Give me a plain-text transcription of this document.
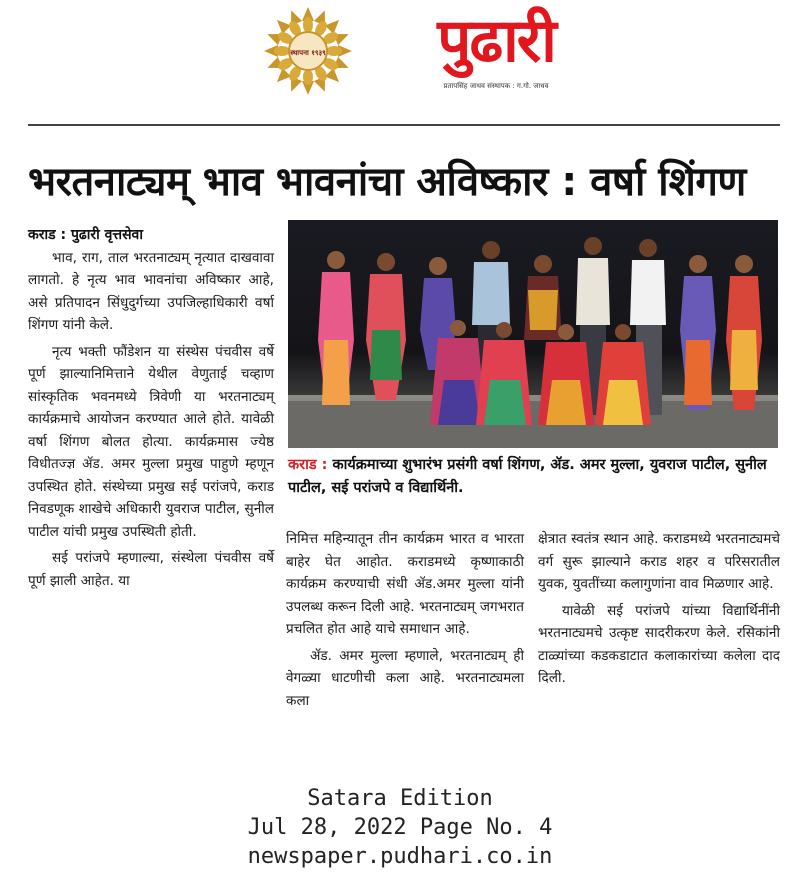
स्थापना १९३९	पुढारी
प्रतापसिंह जाधव संस्थापक : ग.गो. जाधव
भरतनाट्यम् भाव भावनांचा अविष्कार : वर्षा शिंगण
कराड : पुढारी वृत्तसेवा

भाव, राग, ताल भरतनाट्यम् नृत्यात दाखवावा लागतो. हे नृत्य भाव भावनांचा अविष्कार आहे, असे प्रतिपादन सिंधुदुर्गच्या उपजिल्हाधिकारी वर्षा शिंगण यांनी केले.

नृत्य भक्ती फौंडेशन या संस्थेस पंचवीस वर्षे पूर्ण झाल्यानिमित्ताने येथील वेणुताई चव्हाण सांस्कृतिक भवनमध्ये त्रिवेणी या भरतनाट्यम् कार्यक्रमाचे आयोजन करण्यात आले होते. यावेळी वर्षा शिंगण बोलत होत्या. कार्यक्रमास ज्येष्ठ विधीतज्ज्ञ ॲड. अमर मुल्ला प्रमुख पाहुणे म्हणून उपस्थित होते. संस्थेच्या प्रमुख सई परांजपे, कराड निवडणूक शाखेचे अधिकारी युवराज पाटील, सुनील पाटील यांची प्रमुख उपस्थिती होती.

सई परांजपे म्हणाल्या, संस्थेला पंचवीस वर्षे पूर्ण झाली आहेत. या

कराड : कार्यक्रमाच्या शुभारंभ प्रसंगी वर्षा शिंगण, ॲड. अमर मुल्ला, युवराज पाटील, सुनील पाटील, सई परांजपे व विद्यार्थिनी.

निमित्त महिन्यातून तीन कार्यक्रम भारत व भारता बाहेर घेत आहोत. कराडमध्ये कृष्णाकाठी कार्यक्रम करण्याची संधी ॲड.अमर मुल्ला यांनी उपलब्ध करून दिली आहे. भरतनाट्यम् जगभरात प्रचलित होत आहे याचे समाधान आहे.

ॲड. अमर मुल्ला म्हणाले, भरतनाट्यम् ही वेगळ्या धाटणीची कला आहे. भरतनाट्यमला कला

क्षेत्रात स्वतंत्र स्थान आहे. कराडमध्ये भरतनाट्यमचे वर्ग सुरू झाल्याने कराड शहर व परिसरातील युवक, युवतींच्या कलागुणांना वाव मिळणार आहे.

यावेळी सई परांजपे यांच्या विद्यार्थिनींनी भरतनाट्यमचे उत्कृष्ट सादरीकरण केले. रसिकांनी टाळ्यांच्या कडकडाटात कलाकारांच्या कलेला दाद दिली.

Satara Edition
Jul 28, 2022 Page No. 4
newspaper.pudhari.co.in
